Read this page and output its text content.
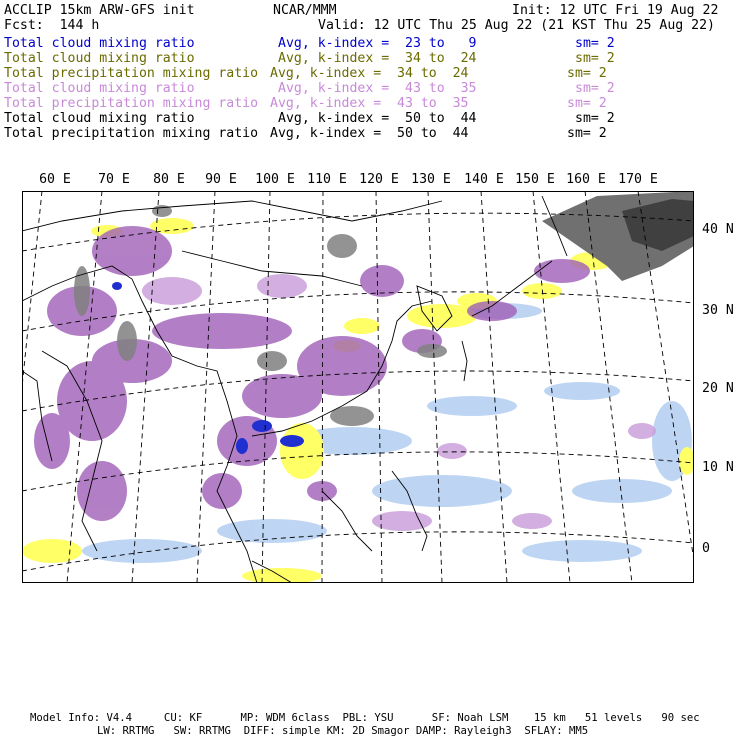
ACCLIP 15km ARW-GFS init	NCAR/MMM	Init: 12 UTC Fri 19 Aug 22
Fcst:  144 h	Valid: 12 UTC Thu 25 Aug 22 (21 KST Thu 25 Aug 22)
Total cloud mixing ratio	Avg, k-index =  23 to   9	sm= 2
Total cloud mixing ratio	Avg, k-index =  34 to  24	sm= 2
Total precipitation mixing ratio Avg, k-index =  34 to  24	sm= 2
Total cloud mixing ratio	Avg, k-index =  43 to  35	sm= 2
Total precipitation mixing ratio Avg, k-index =  43 to  35	sm= 2
Total cloud mixing ratio	Avg, k-index =  50 to  44	sm= 2
Total precipitation mixing ratio Avg, k-index =  50 to  44	sm= 2
60 E 70 E 80 E 90 E 100 E 110 E 120 E 130 E 140 E 150 E 160 E 170 E
40 N
30 N
20 N
10 N
0
Model Info: V4.4     CU: KF      MP: WDM 6class  PBL: YSU      SF: Noah LSM    15 km   51 levels   90 sec
LW: RRTMG   SW: RRTMG  DIFF: simple KM: 2D Smagor DAMP: Rayleigh3  SFLAY: MM5
